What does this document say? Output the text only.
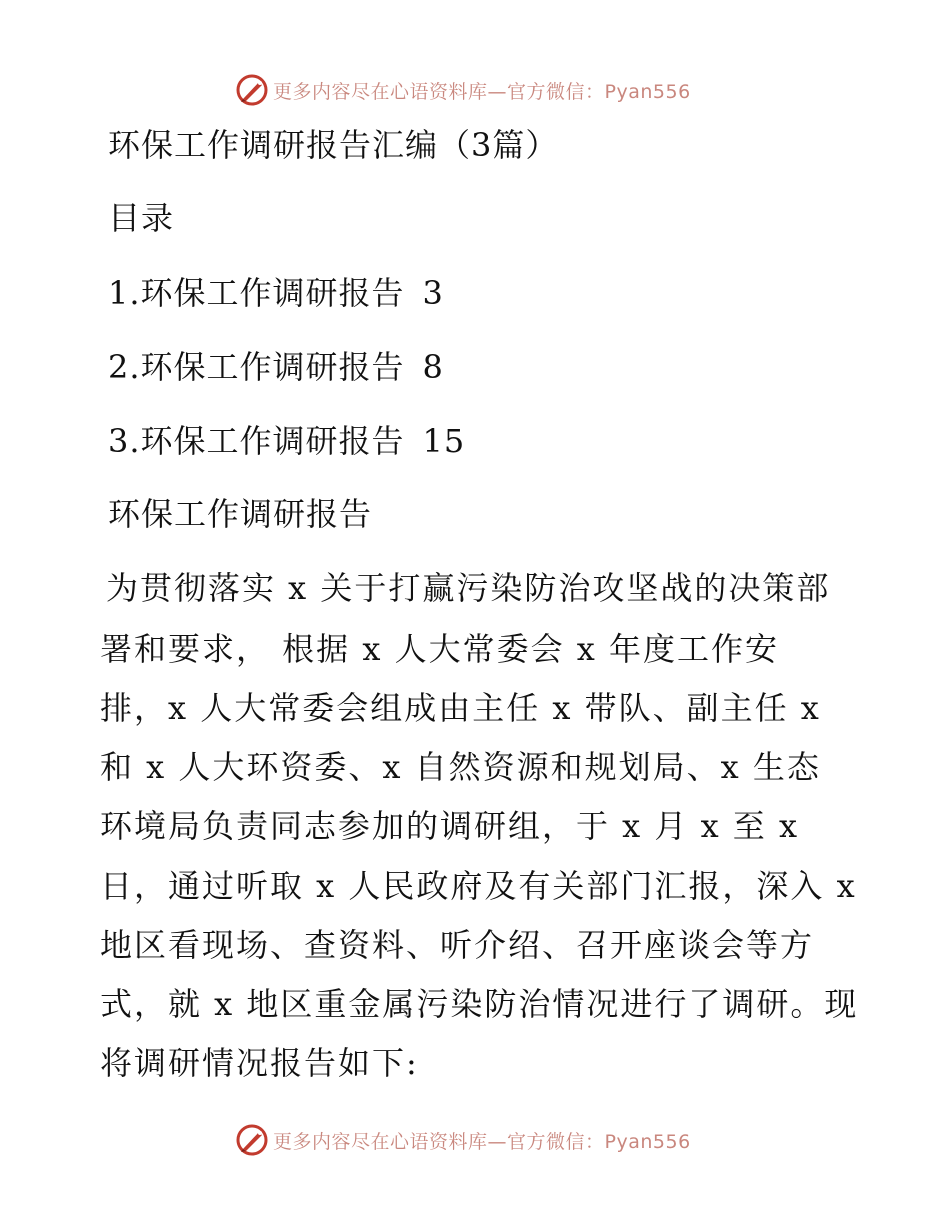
更多内容尽在心语资料库—官方微信：Pyan556
环保工作调研报告汇编（3篇）
目录
1.环保工作调研报告 3
2.环保工作调研报告 8
3.环保工作调研报告 15
环保工作调研报告
为贯彻落实 x 关于打赢污染防治攻坚战的决策部
署和要求， 根据 x 人大常委会 x 年度工作安
排，x 人大常委会组成由主任 x 带队、副主任 x
和 x 人大环资委、x 自然资源和规划局、x 生态
环境局负责同志参加的调研组，于 x 月 x 至 x
日，通过听取 x 人民政府及有关部门汇报，深入 x
地区看现场、查资料、听介绍、召开座谈会等方
式，就 x 地区重金属污染防治情况进行了调研。现
将调研情况报告如下:
更多内容尽在心语资料库—官方微信：Pyan556
